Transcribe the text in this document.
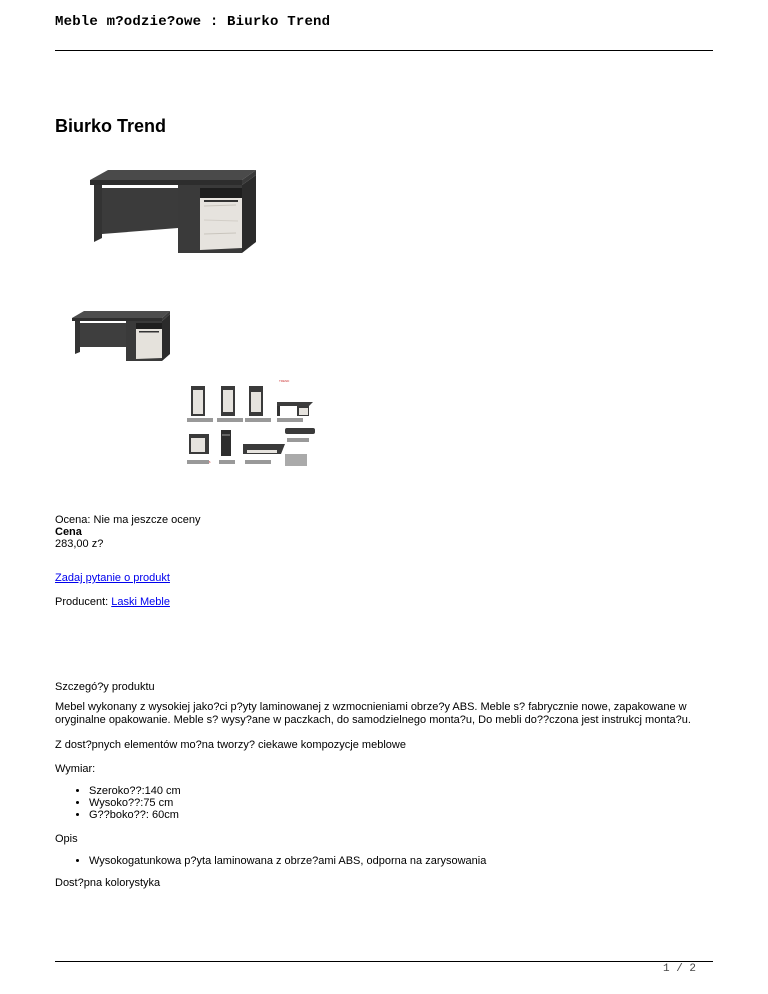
Meble m?odzie?owe : Biurko Trend
Biurko Trend
TREND
$
Ocena: Nie ma jeszcze oceny
Cena
283,00 z?
Zadaj pytanie o produkt
Producent: Laski Meble
Szczegó?y produktu
Mebel wykonany z wysokiej jako?ci p?yty laminowanej z wzmocnieniami obrze?y ABS. Meble s? fabrycznie nowe, zapakowane w oryginalne opakowanie. Meble s? wysy?ane w paczkach, do samodzielnego monta?u, Do mebli do??czona jest instrukcj monta?u.
Z dost?pnych elementów mo?na tworzy? ciekawe kompozycje meblowe
Wymiar:
• Szeroko??:140 cm
• Wysoko??:75 cm
• G??boko??: 60cm
Opis
• Wysokogatunkowa p?yta laminowana z obrze?ami ABS, odporna na zarysowania
Dost?pna kolorystyka
1 / 2
